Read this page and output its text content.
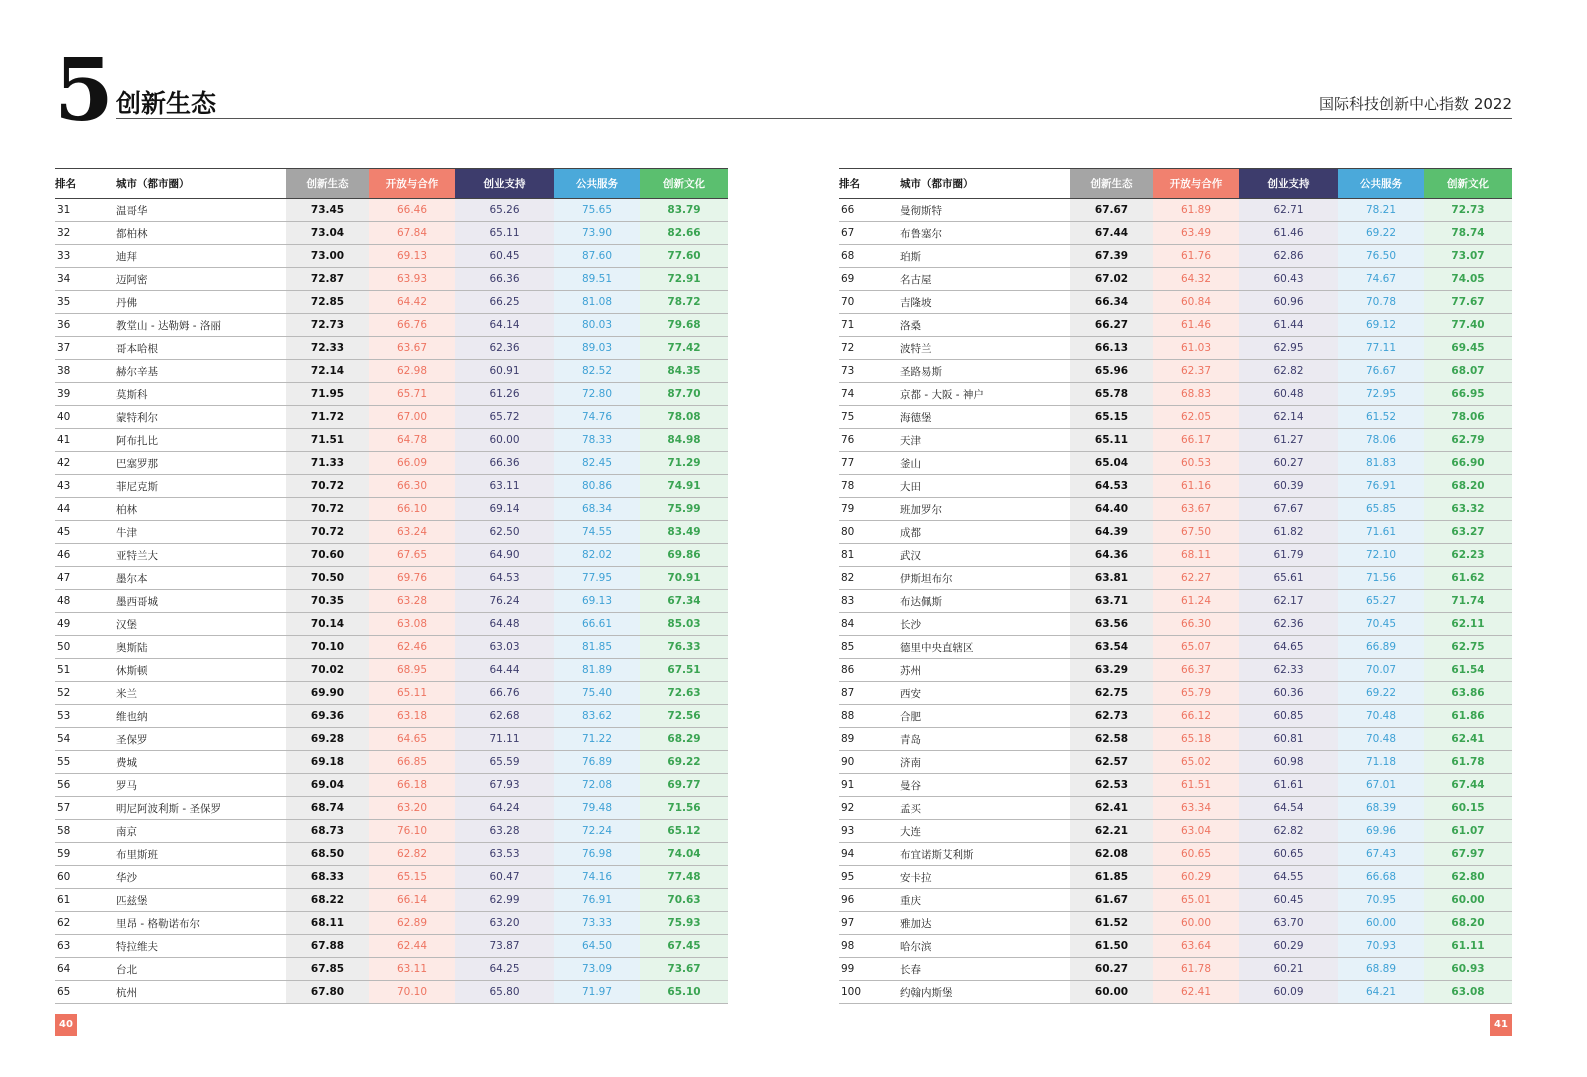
5 创新生态	国际科技创新中心指数 2022
排名	城市（都市圈）	创新生态	开放与合作	创业支持	公共服务	创新文化
31	温哥华	73.45	66.46	65.26	75.65	83.79
32	都柏林	73.04	67.84	65.11	73.90	82.66
33	迪拜	73.00	69.13	60.45	87.60	77.60
34	迈阿密	72.87	63.93	66.36	89.51	72.91
35	丹佛	72.85	64.42	66.25	81.08	78.72
36	教堂山 - 达勒姆 - 洛丽	72.73	66.76	64.14	80.03	79.68
37	哥本哈根	72.33	63.67	62.36	89.03	77.42
38	赫尔辛基	72.14	62.98	60.91	82.52	84.35
39	莫斯科	71.95	65.71	61.26	72.80	87.70
40	蒙特利尔	71.72	67.00	65.72	74.76	78.08
41	阿布扎比	71.51	64.78	60.00	78.33	84.98
42	巴塞罗那	71.33	66.09	66.36	82.45	71.29
43	菲尼克斯	70.72	66.30	63.11	80.86	74.91
44	柏林	70.72	66.10	69.14	68.34	75.99
45	牛津	70.72	63.24	62.50	74.55	83.49
46	亚特兰大	70.60	67.65	64.90	82.02	69.86
47	墨尔本	70.50	69.76	64.53	77.95	70.91
48	墨西哥城	70.35	63.28	76.24	69.13	67.34
49	汉堡	70.14	63.08	64.48	66.61	85.03
50	奥斯陆	70.10	62.46	63.03	81.85	76.33
51	休斯顿	70.02	68.95	64.44	81.89	67.51
52	米兰	69.90	65.11	66.76	75.40	72.63
53	维也纳	69.36	63.18	62.68	83.62	72.56
54	圣保罗	69.28	64.65	71.11	71.22	68.29
55	费城	69.18	66.85	65.59	76.89	69.22
56	罗马	69.04	66.18	67.93	72.08	69.77
57	明尼阿波利斯 - 圣保罗	68.74	63.20	64.24	79.48	71.56
58	南京	68.73	76.10	63.28	72.24	65.12
59	布里斯班	68.50	62.82	63.53	76.98	74.04
60	华沙	68.33	65.15	60.47	74.16	77.48
61	匹兹堡	68.22	66.14	62.99	76.91	70.63
62	里昂 - 格勒诺布尔	68.11	62.89	63.20	73.33	75.93
63	特拉维夫	67.88	62.44	73.87	64.50	67.45
64	台北	67.85	63.11	64.25	73.09	73.67
65	杭州	67.80	70.10	65.80	71.97	65.10
排名	城市（都市圈）	创新生态	开放与合作	创业支持	公共服务	创新文化
66	曼彻斯特	67.67	61.89	62.71	78.21	72.73
67	布鲁塞尔	67.44	63.49	61.46	69.22	78.74
68	珀斯	67.39	61.76	62.86	76.50	73.07
69	名古屋	67.02	64.32	60.43	74.67	74.05
70	吉隆坡	66.34	60.84	60.96	70.78	77.67
71	洛桑	66.27	61.46	61.44	69.12	77.40
72	波特兰	66.13	61.03	62.95	77.11	69.45
73	圣路易斯	65.96	62.37	62.82	76.67	68.07
74	京都 - 大阪 - 神户	65.78	68.83	60.48	72.95	66.95
75	海德堡	65.15	62.05	62.14	61.52	78.06
76	天津	65.11	66.17	61.27	78.06	62.79
77	釜山	65.04	60.53	60.27	81.83	66.90
78	大田	64.53	61.16	60.39	76.91	68.20
79	班加罗尔	64.40	63.67	67.67	65.85	63.32
80	成都	64.39	67.50	61.82	71.61	63.27
81	武汉	64.36	68.11	61.79	72.10	62.23
82	伊斯坦布尔	63.81	62.27	65.61	71.56	61.62
83	布达佩斯	63.71	61.24	62.17	65.27	71.74
84	长沙	63.56	66.30	62.36	70.45	62.11
85	德里中央直辖区	63.54	65.07	64.65	66.89	62.75
86	苏州	63.29	66.37	62.33	70.07	61.54
87	西安	62.75	65.79	60.36	69.22	63.86
88	合肥	62.73	66.12	60.85	70.48	61.86
89	青岛	62.58	65.18	60.81	70.48	62.41
90	济南	62.57	65.02	60.98	71.18	61.78
91	曼谷	62.53	61.51	61.61	67.01	67.44
92	孟买	62.41	63.34	64.54	68.39	60.15
93	大连	62.21	63.04	62.82	69.96	61.07
94	布宜诺斯艾利斯	62.08	60.65	60.65	67.43	67.97
95	安卡拉	61.85	60.29	64.55	66.68	62.80
96	重庆	61.67	65.01	60.45	70.95	60.00
97	雅加达	61.52	60.00	63.70	60.00	68.20
98	哈尔滨	61.50	63.64	60.29	70.93	61.11
99	长春	60.27	61.78	60.21	68.89	60.93
100	约翰内斯堡	60.00	62.41	60.09	64.21	63.08
40	41
